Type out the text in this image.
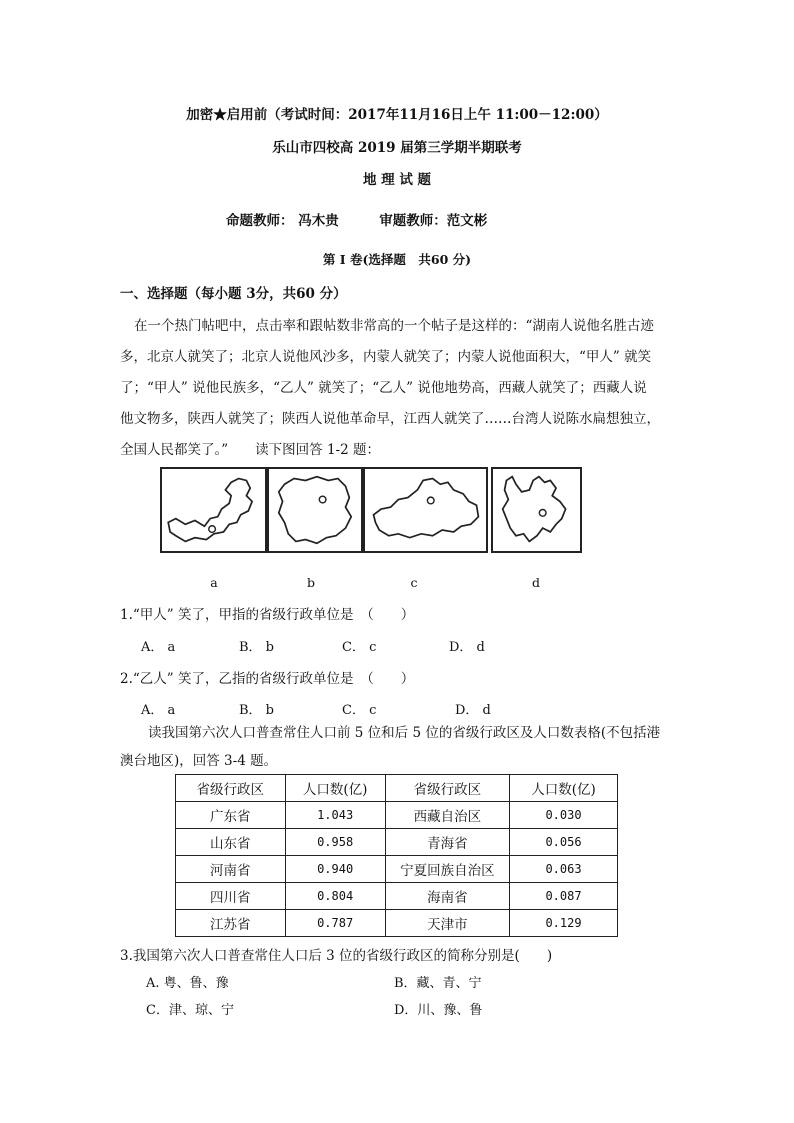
加密★启用前（考试时间：2017年11月16日上午 11:00－12:00）
乐山市四校高 2019 届第三学期半期联考
地 理 试 题
命题教师： 冯木贵　　　审题教师：范文彬
第 I 卷(选择题　共60 分)
一、选择题（每小题 3分，共60 分）
在一个热门帖吧中，点击率和跟帖数非常高的一个帖子是这样的：“湖南人说他名胜古迹
多，北京人就笑了；北京人说他风沙多，内蒙人就笑了；内蒙人说他面积大，“甲人” 就笑
了；“甲人” 说他民族多，“乙人” 就笑了；“乙人” 说他地势高，西藏人就笑了；西藏人说
他文物多，陕西人就笑了；陕西人说他革命早，江西人就笑了……台湾人说陈水扁想独立，
全国人民都笑了。”　　读下图回答 1-2 题：
a	b	c	d
1.“甲人” 笑了，甲指的省级行政单位是　（　　）
A． a	B． b	C． c	D． d
2.“乙人” 笑了，乙指的省级行政单位是　（　　）
A． a	B． b	C． c	D． d
读我国第六次人口普查常住人口前 5 位和后 5 位的省级行政区及人口数表格(不包括港
澳台地区)，回答 3-4 题。
省级行政区	人口数(亿)	省级行政区	人口数(亿)
广东省	1.043	西藏自治区	0.030
山东省	0.958	青海省	0.056
河南省	0.940	宁夏回族自治区	0.063
四川省	0.804	海南省	0.087
江苏省	0.787	天津市	0.129
3.我国第六次人口普查常住人口后 3 位的省级行政区的简称分别是(　　)
A. 粤、鲁、豫	B．藏、青、宁
C．津、琼、宁	D．川、豫、鲁
